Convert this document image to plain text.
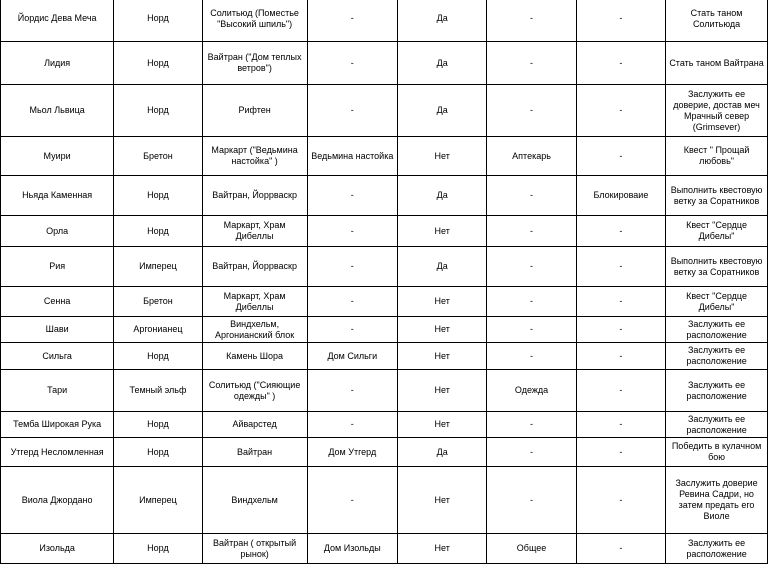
Йордис Дева Меча	Норд	Солитьюд (Поместье "Высокий шпиль")	-	Да	-	-	Стать таном Солитьюда
Лидия	Норд	Вайтран ("Дом теплых ветров")	-	Да	-	-	Стать таном Вайтрана
Мьол Львица	Норд	Рифтен	-	Да	-	-	Заслужить ее доверие, достав меч Мрачный север (Grimsever)
Муири	Бретон	Маркарт ("Ведьмина настойка" )	Ведьмина настойка	Нет	Аптекарь	-	Квест " Прощай любовь"
Ньяда Каменная	Норд	Вайтран, Йоррваскр	-	Да	-	Блокироваие	Выполнить квестовую ветку за Соратников
Орла	Норд	Маркарт, Храм Дибеллы	-	Нет	-	-	Квест "Сердце Дибелы"
Рия	Имперец	Вайтран, Йоррваскр	-	Да	-	-	Выполнить квестовую ветку за Соратников
Сенна	Бретон	Маркарт, Храм Дибеллы	-	Нет	-	-	Квест "Сердце Дибелы"
Шави	Аргонианец	Виндхельм, Аргонианский блок	-	Нет	-	-	Заслужить ее расположение
Сильга	Норд	Камень Шора	Дом Сильги	Нет	-	-	Заслужить ее расположение
Тари	Темный эльф	Солитьюд ("Сияющие одежды" )	-	Нет	Одежда	-	Заслужить ее расположение
Темба Широкая Рука	Норд	Айварстед	-	Нет	-	-	Заслужить ее расположение
Утгерд Несломленная	Норд	Вайтран	Дом Утгерд	Да	-	-	Победить в кулачном бою
Виола Джордано	Имперец	Виндхельм	-	Нет	-	-	Заслужить доверие Ревина Садри, но затем предать его Виоле
Изольда	Норд	Вайтран ( открытый рынок)	Дом Изольды	Нет	Общее	-	Заслужить ее расположение
